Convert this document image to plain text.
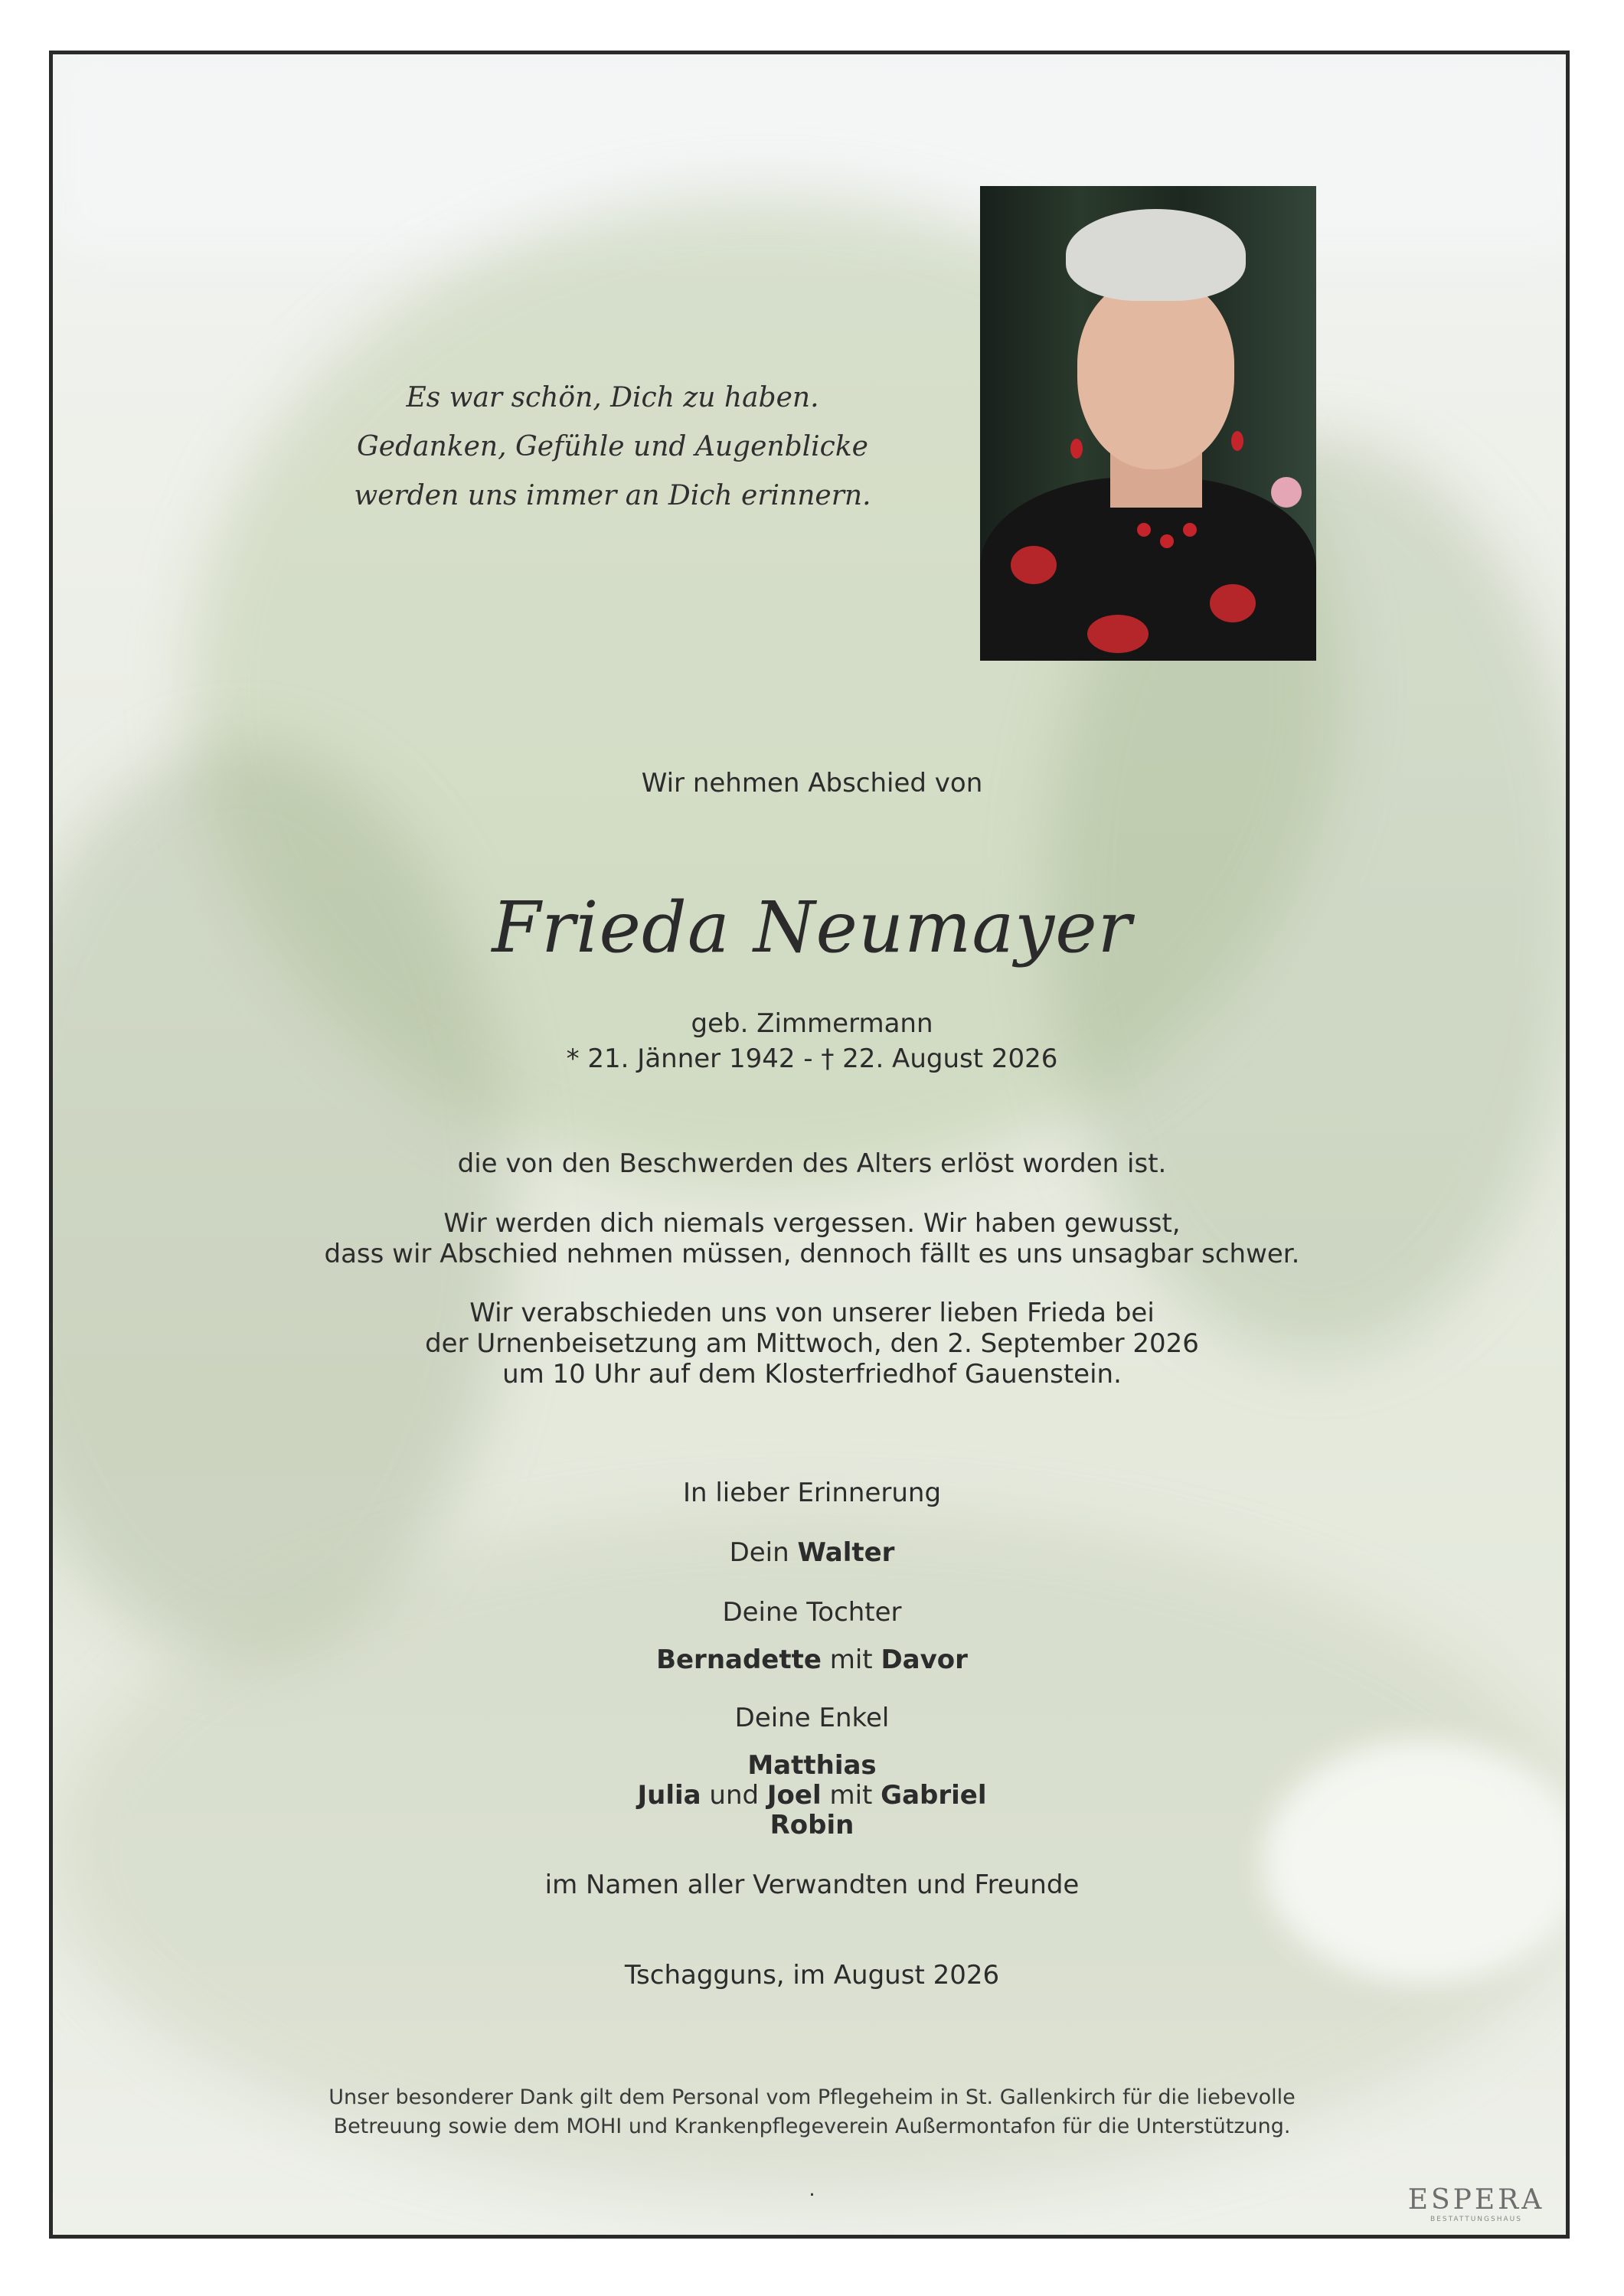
Es war schön, Dich zu haben.
Gedanken, Gefühle und Augenblicke
werden uns immer an Dich erinnern.
Wir nehmen Abschied von
Frieda Neumayer
geb. Zimmermann
* 21. Jänner 1942 - † 22. August 2026
die von den Beschwerden des Alters erlöst worden ist.
Wir werden dich niemals vergessen. Wir haben gewusst,
dass wir Abschied nehmen müssen, dennoch fällt es uns unsagbar schwer.
Wir verabschieden uns von unserer lieben Frieda bei
der Urnenbeisetzung am Mittwoch, den 2. September 2026
um 10 Uhr auf dem Klosterfriedhof Gauenstein.
In lieber Erinnerung
Dein Walter
Deine Tochter
Bernadette mit Davor
Deine Enkel
Matthias
Julia und Joel mit Gabriel
Robin
im Namen aller Verwandten und Freunde
Tschagguns, im August 2026
Unser besonderer Dank gilt dem Personal vom Pflegeheim in St. Gallenkirch für die liebevolle
Betreuung sowie dem MOHI und Krankenpflegeverein Außermontafon für die Unterstützung.
.	ESPERA
BESTATTUNGSHAUS
